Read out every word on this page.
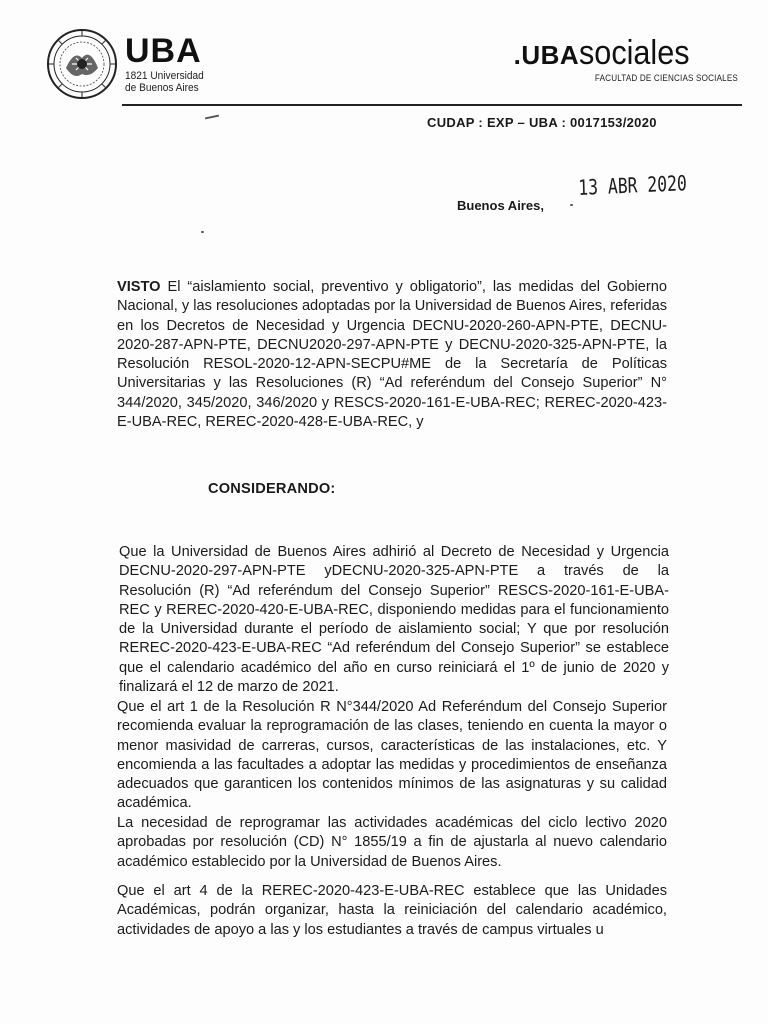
UBA
1821 Universidad
de Buenos Aires
.UBAsociales
FACULTAD DE CIENCIAS SOCIALES
CUDAP : EXP – UBA : 0017153/2020
Buenos Aires,
13 ABR 2020
VISTO El “aislamiento social, preventivo y obligatorio”, las medidas del Gobierno Nacional, y las resoluciones adoptadas por la Universidad de Buenos Aires, referidas en los Decretos de Necesidad y Urgencia DECNU-2020-260-APN-PTE, DECNU-2020-287-APN-PTE, DECNU2020-297-APN-PTE y DECNU-2020-325-APN-PTE, la Resolución RESOL-2020-12-APN-SECPU#ME de la Secretaría de Políticas Universitarias y las Resoluciones (R) “Ad referéndum del Consejo Superior” N° 344/2020, 345/2020, 346/2020 y RESCS-2020-161-E-UBA-REC; REREC-2020-423-E-UBA-REC, REREC-2020-428-E-UBA-REC, y
CONSIDERANDO:
Que la Universidad de Buenos Aires adhirió al Decreto de Necesidad y Urgencia DECNU-2020-297-APN-PTE yDECNU-2020-325-APN-PTE a través de la Resolución (R) “Ad referéndum del Consejo Superior” RESCS-2020-161-E-UBA-REC y REREC-2020-420-E-UBA-REC, disponiendo medidas para el funcionamiento de la Universidad durante el período de aislamiento social; Y que por resolución REREC-2020-423-E-UBA-REC “Ad referéndum del Consejo Superior” se establece que el calendario académico del año en curso reiniciará el 1º de junio de 2020 y finalizará el 12 de marzo de 2021.
Que el art 1 de la Resolución R N°344/2020 Ad Referéndum del Consejo Superior recomienda evaluar la reprogramación de las clases, teniendo en cuenta la mayor o menor masividad de carreras, cursos, características de las instalaciones, etc. Y encomienda a las facultades a adoptar las medidas y procedimientos de enseñanza adecuados que garanticen los contenidos mínimos de las asignaturas y su calidad académica.
La necesidad de reprogramar las actividades académicas del ciclo lectivo 2020 aprobadas por resolución (CD) N° 1855/19 a fin de ajustarla al nuevo calendario académico establecido por la Universidad de Buenos Aires.
Que el art 4 de la REREC-2020-423-E-UBA-REC establece que las Unidades Académicas, podrán organizar, hasta la reiniciación del calendario académico, actividades de apoyo a las y los estudiantes a través de campus virtuales u
